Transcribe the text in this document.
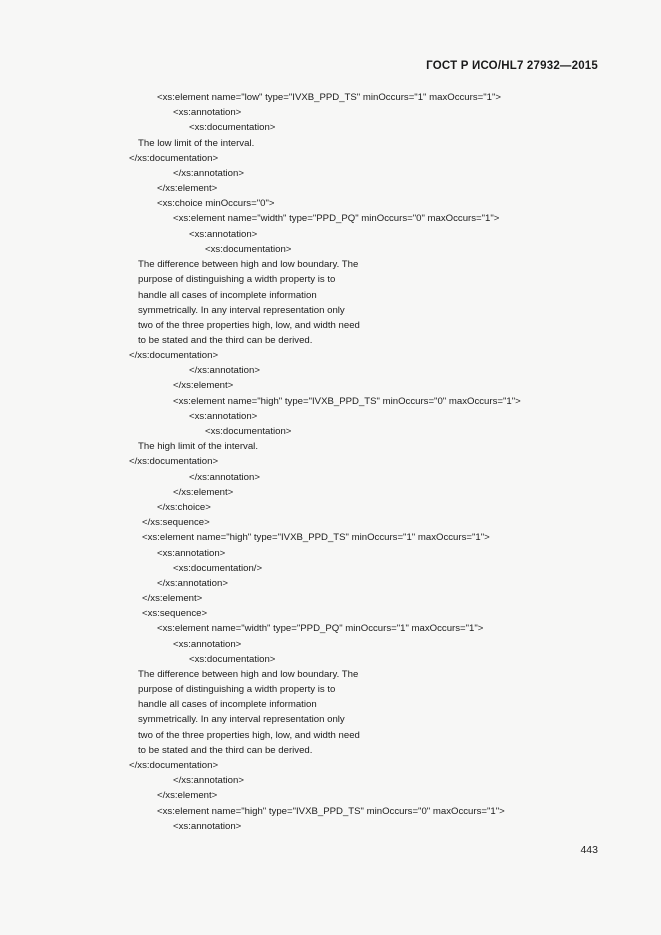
ГОСТ Р ИСО/HL7 27932—2015
<xs:element name="low" type="IVXB_PPD_TS" minOccurs="1" maxOccurs="1">
<xs:annotation>
<xs:documentation>
The low limit of the interval.
</xs:documentation>
</xs:annotation>
</xs:element>
<xs:choice minOccurs="0">
<xs:element name="width" type="PPD_PQ" minOccurs="0" maxOccurs="1">
<xs:annotation>
<xs:documentation>
The difference between high and low boundary. The
purpose of distinguishing a width property is to
handle all cases of incomplete information
symmetrically. In any interval representation only
two of the three properties high, low, and width need
to be stated and the third can be derived.
</xs:documentation>
</xs:annotation>
</xs:element>
<xs:element name="high" type="IVXB_PPD_TS" minOccurs="0" maxOccurs="1">
<xs:annotation>
<xs:documentation>
The high limit of the interval.
</xs:documentation>
</xs:annotation>
</xs:element>
</xs:choice>
</xs:sequence>
<xs:element name="high" type="IVXB_PPD_TS" minOccurs="1" maxOccurs="1">
<xs:annotation>
<xs:documentation/>
</xs:annotation>
</xs:element>
<xs:sequence>
<xs:element name="width" type="PPD_PQ" minOccurs="1" maxOccurs="1">
<xs:annotation>
<xs:documentation>
The difference between high and low boundary. The
purpose of distinguishing a width property is to
handle all cases of incomplete information
symmetrically. In any interval representation only
two of the three properties high, low, and width need
to be stated and the third can be derived.
</xs:documentation>
</xs:annotation>
</xs:element>
<xs:element name="high" type="IVXB_PPD_TS" minOccurs="0" maxOccurs="1">
<xs:annotation>
443
